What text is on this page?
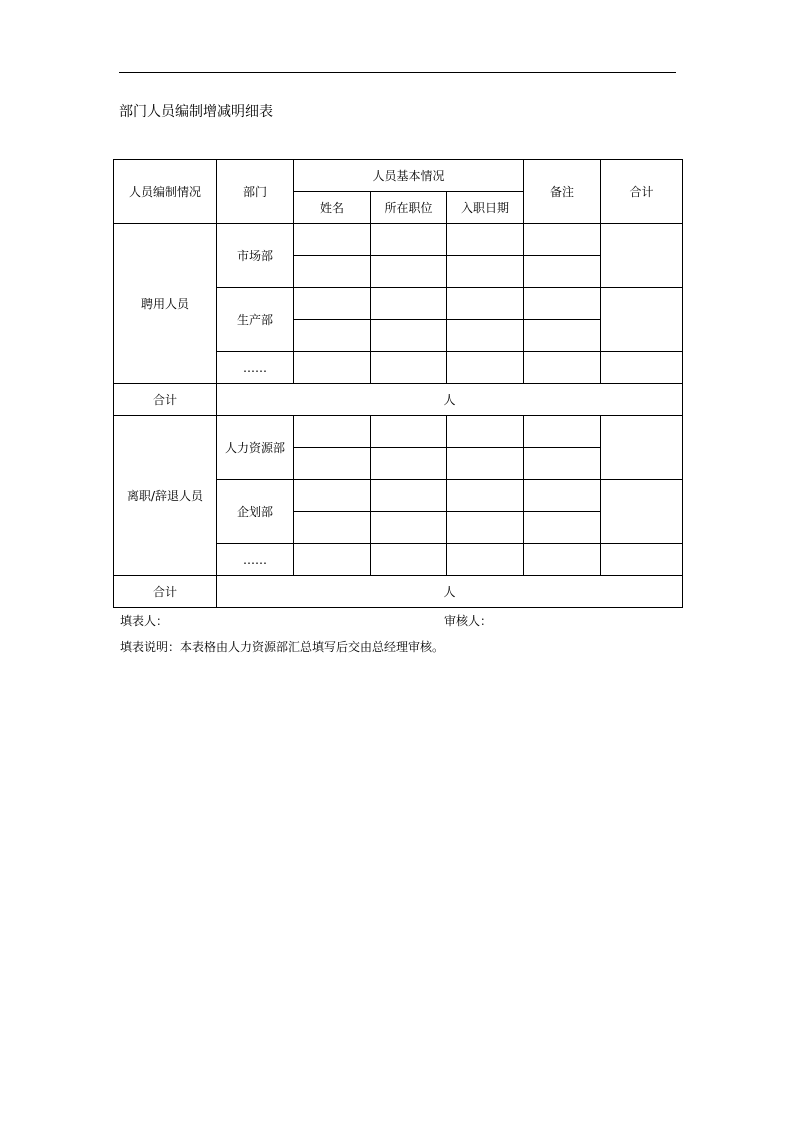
部门人员编制增减明细表
人员编制情况	部门	人员基本情况			备注	合计
		姓名	所在职位	入职日期		
聘用人员	市场部					

	生产部					

	……					
合计	人					
离职/辞退人员	人力资源部					

	企划部					

	……					
合计	人					
填表人：	审核人：
填表说明：本表格由人力资源部汇总填写后交由总经理审核。
